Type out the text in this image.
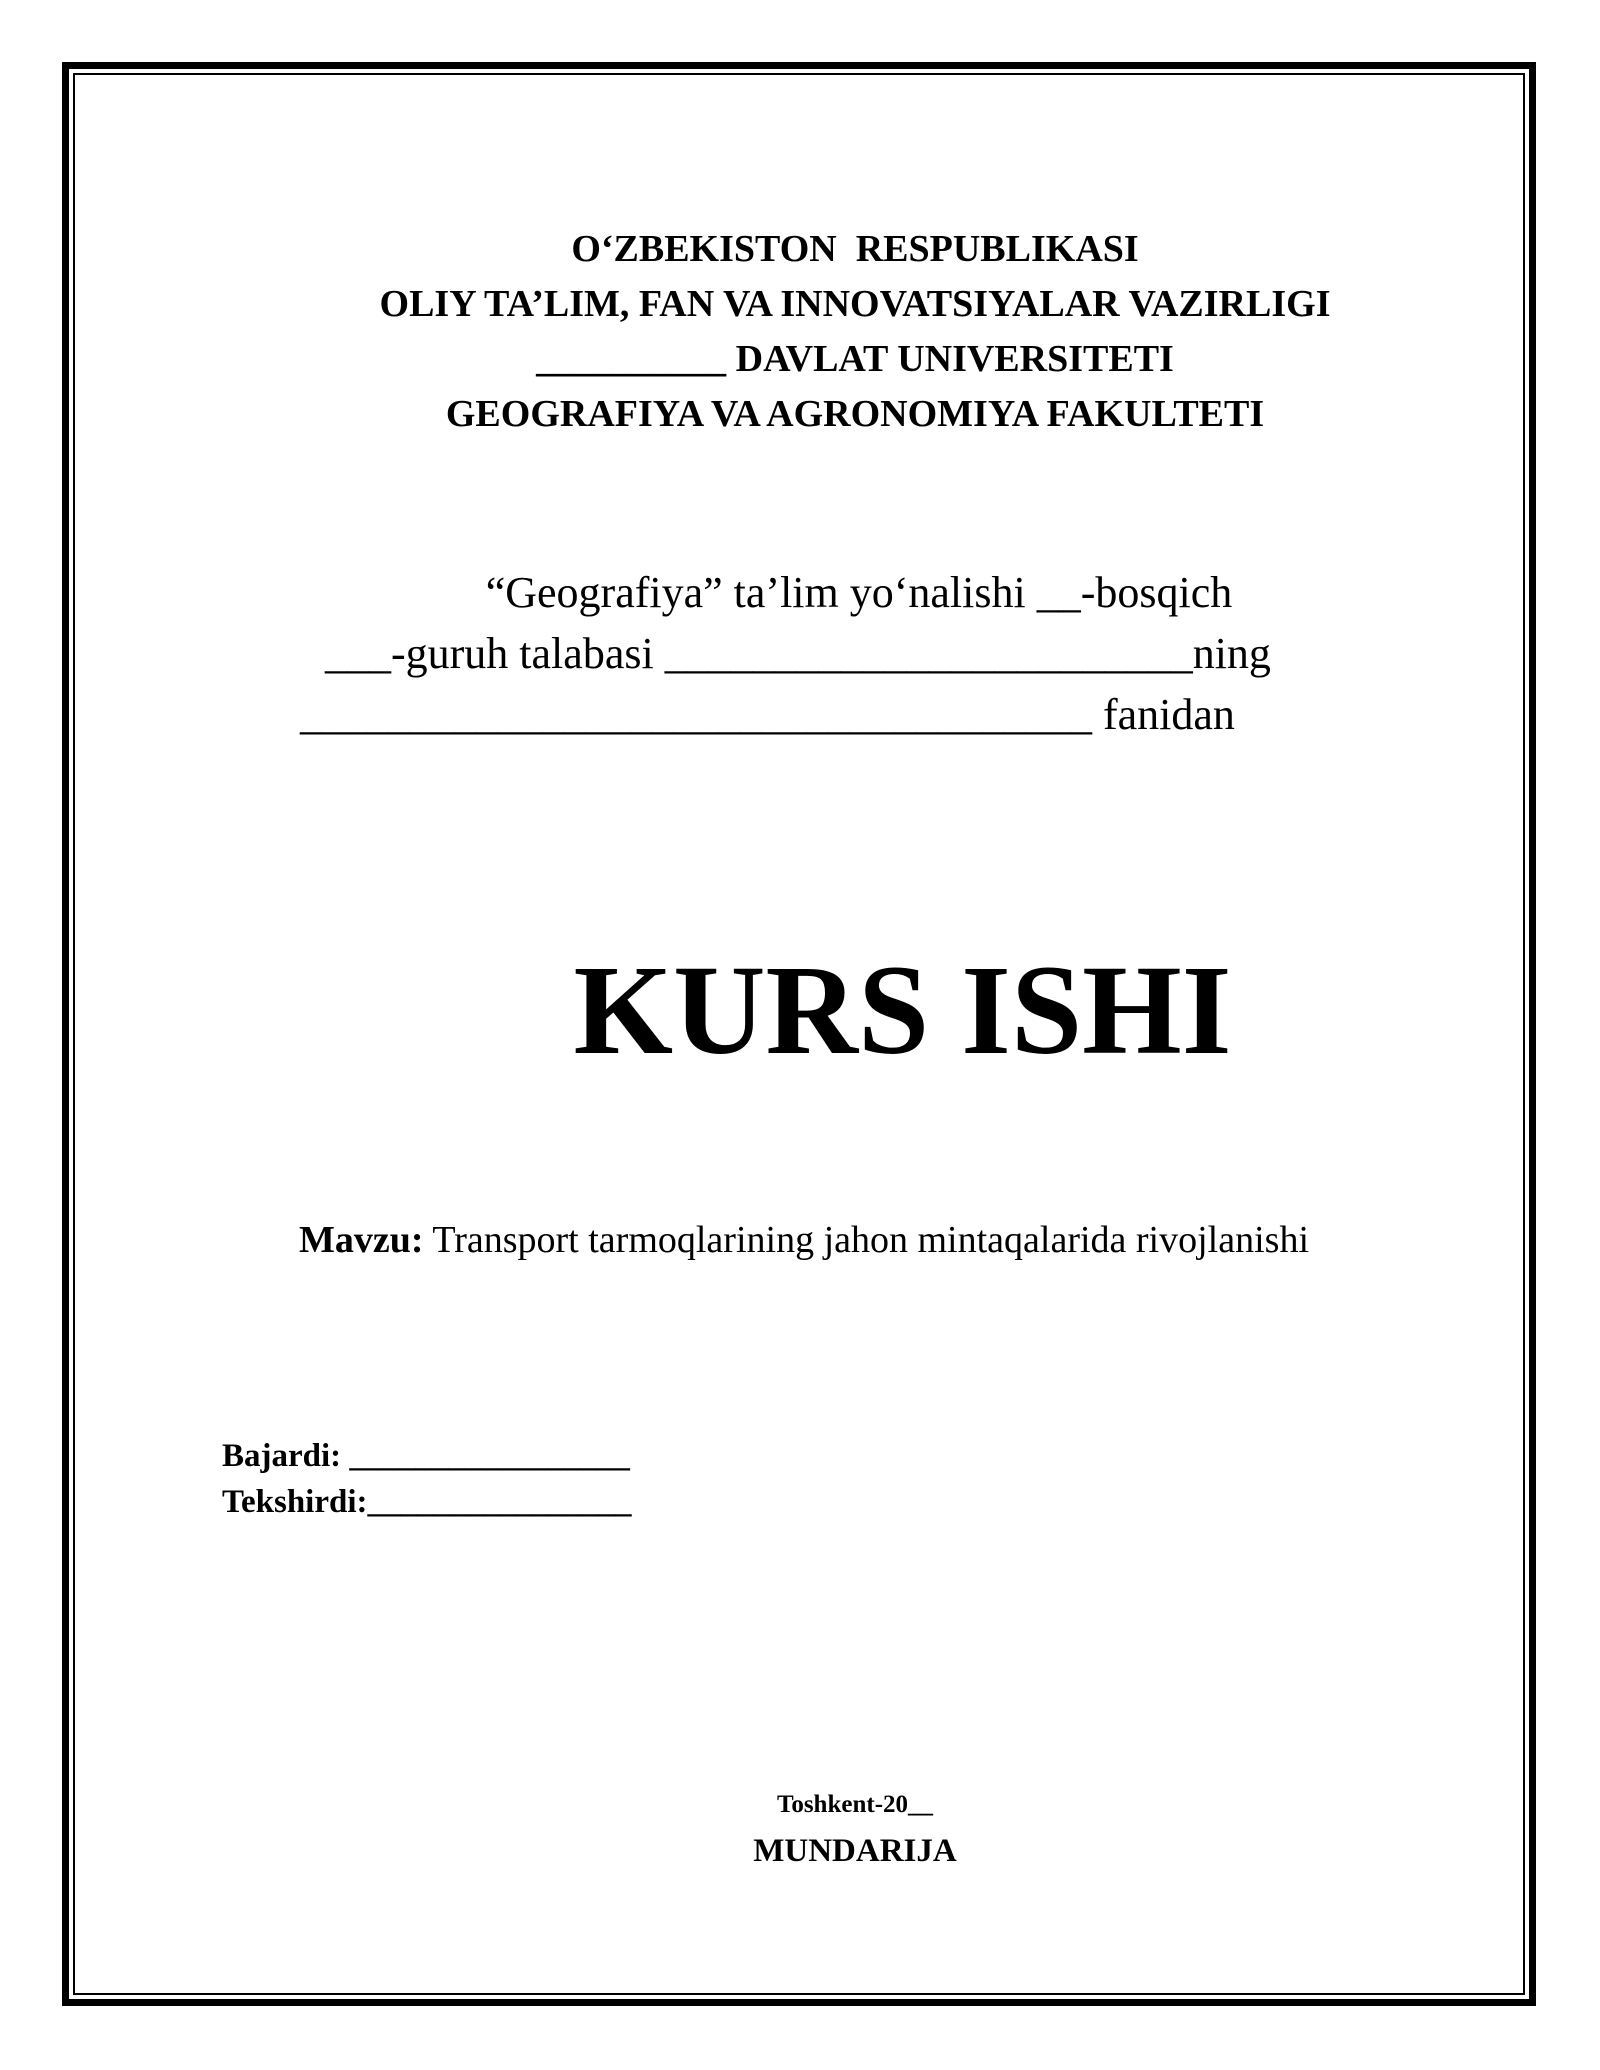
O‘ZBEKISTON  RESPUBLIKASI
OLIY TA’LIM, FAN VA INNOVATSIYALAR VAZIRLIGI
__________ DAVLAT UNIVERSITETI
GEOGRAFIYA VA AGRONOMIYA FAKULTETI
“Geografiya” ta’lim yo‘nalishi __-bosqich
___-guruh talabasi ________________________ning
____________________________________ fanidan
KURS ISHI
Mavzu: Transport tarmoqlarining jahon mintaqalarida rivojlanishi
Bajardi: _________________
Tekshirdi:________________
Toshkent-20__
MUNDARIJA
